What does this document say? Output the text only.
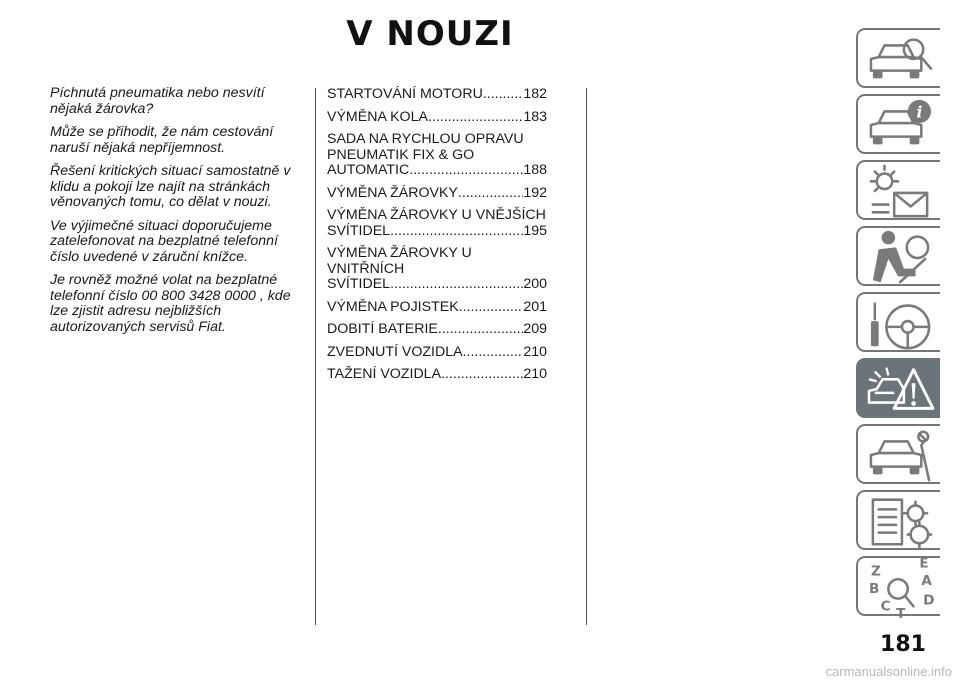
V NOUZI

Píchnutá pneumatika nebo nesvítí nějaká žárovka?

Může se přihodit, že nám cestování naruší nějaká nepříjemnost.

Řešení kritických situací samostatně v klidu a pokoji lze najít na stránkách věnovaných tomu, co dělat v nouzi.

Ve výjimečné situaci doporučujeme zatelefonovat na bezplatné telefonní číslo uvedené v záruční knížce.

Je rovněž možné volat na bezplatné telefonní číslo 00 800 3428 0000 , kde lze zjistit adresu nejbližších autorizovaných servisů Fiat.

STARTOVÁNÍ MOTORU .....	182
VÝMĚNA KOLA .....	183
SADA NA RYCHLOU OPRAVU
PNEUMATIK FIX & GO
AUTOMATIC .....	188
VÝMĚNA ŽÁROVKY .....	192
VÝMĚNA ŽÁROVKY U VNĚJŠÍCH
SVÍTIDEL .....	195
VÝMĚNA ŽÁROVKY U VNITŘNÍCH
SVÍTIDEL .....	200
VÝMĚNA POJISTEK .....	201
DOBITÍ BATERIE .....	209
ZVEDNUTÍ VOZIDLA .....	210
TAŽENÍ VOZIDLA .....	210
i
Z	E ABDC T
181
carmanualsonline.info
